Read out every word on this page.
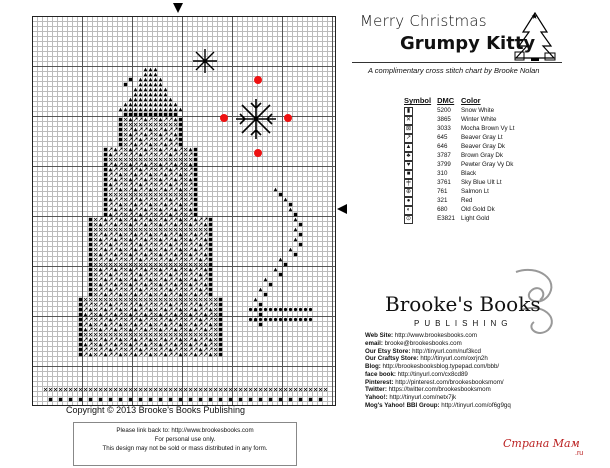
Merry Christmas
Grumpy Kitty
★
A complimentary cross stitch chart by Brooke Nolan
Symbol	DMC	Color
▮	5200	Snow White
✕	3865	Winter White
⊠	3033	Mocha Brown Vy Lt
↗	645	Beaver Gray Lt
▲	646	Beaver Gray Dk
♣	3787	Brown Gray Dk
♥	3799	Pewter Gray Vy Dk
■	310	Black
╪	3761	Sky Blue Ult Lt
⊕	761	Salmon Lt
●	321	Red
◐	680	Old Gold Dk
⊙	E3821	Light Gold
Brooke's Books
PUBLISHING
Web Site: http://www.brookesbooks.com
email: brooke@brookesbooks.com
Our Etsy Store: http://tinyurl.com/nuf3kcd
Our Craftsy Store: http://tinyurl.com/oxrjn2h
Blog: http://brookesbooksblog.typepad.com/bbb/
face book: http://tinyurl.com/cx8cd89
Pinterest: http://pinterest.com/brookesbooksmom/
Twitter: https://twitter.com/brookesbooksmom
Yahoo!: http://tinyurl.com/netx7jk
Mog's Yahoo! BBI Group: http://tinyurl.com/of6g9gq
Copyright © 2013 Brooke's Books Publishing
Please link back to: http://www.brookesbooks.com
For personal use only.
This design may not be sold or mass distributed in any form.	Страна Мам
.ru
